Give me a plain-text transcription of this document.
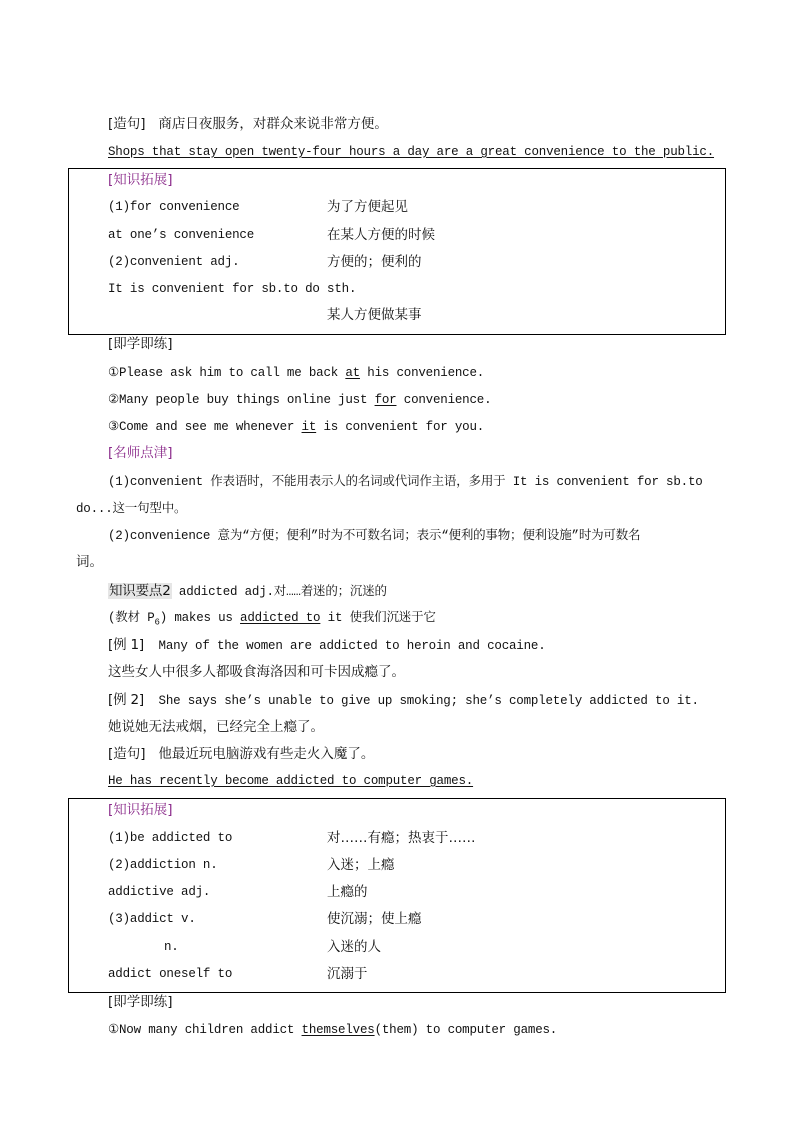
[造句] 商店日夜服务，对群众来说非常方便。
Shops that stay open twenty-four hours a day are a great convenience to the public.
[知识拓展]
(1)for convenience	为了方便起见
at one’s convenience	在某人方便的时候
(2)convenient adj.	方便的；便利的
It is convenient for sb.to do sth.
某人方便做某事
[即学即练]
①Please ask him to call me back at his convenience.
②Many people buy things online just for convenience.
③Come and see me whenever it is convenient for you.
[名师点津]
(1)convenient 作表语时，不能用表示人的名词或代词作主语，多用于 It is convenient for sb.to
do...这一句型中。
(2)convenience 意为“方便；便利”时为不可数名词；表示“便利的事物；便利设施”时为可数名
词。
知识要点2 addicted adj.对……着迷的；沉迷的
(教材 $P_6$) makes us addicted to it 使我们沉迷于它
[例 1] Many of the women are addicted to heroin and cocaine.
这些女人中很多人都吸食海洛因和可卡因成瘾了。
[例 2] She says she’s unable to give up smoking; she’s completely addicted to it.
她说她无法戒烟，已经完全上瘾了。
[造句] 他最近玩电脑游戏有些走火入魔了。
He has recently become addicted to computer games.
[知识拓展]
(1)be addicted to	对……有瘾；热衷于……
(2)addiction n.	入迷；上瘾
addictive adj.	上瘾的
(3)addict v.	使沉溺；使上瘾
n.	入迷的人
addict oneself to	沉溺于
[即学即练]
①Now many children addict themselves(them) to computer games.
